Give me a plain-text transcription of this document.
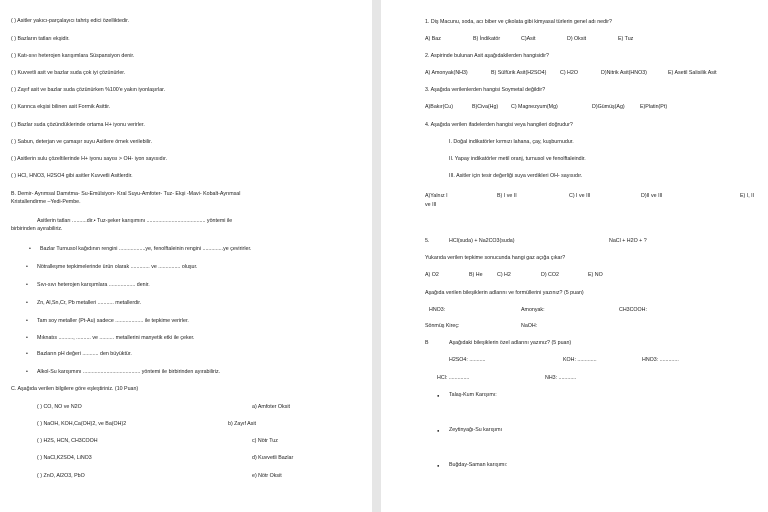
( ) Asitler yakıcı-parçalayıcı tahriş edici özelliktedir.
( ) Bazların tatları ekşidir.
( ) Katı-sıvı heterojen karışımlara Süspansiyon denir.
( ) Kuvvetli asit ve bazlar suda çok iyi çözünürler.
( ) Zayıf asit ve bazlar suda çözünürken %100'e yakın iyonlaşırlar.
( ) Karınca ekşisi bilinen asit Formik Asittir.
( ) Bazlar suda çözündüklerinde ortama H+ iyonu verirler.
( ) Sabun, deterjan ve çamaşır suyu Asitlere örnek verilebilir.
( ) Asitlerin sulu çözeltilerinde H+ iyonu sayısı > OH- iyon sayısıdır.
( ) HCl, HNO3, H2SO4 gibi asitler Kuvvetli Asitlerdir.
B. Demir- Ayrımsal Damıtma- Su-Emülsiyon- Kral Suyu-Amfoter- Tuz- Ekşi -Mavi- Kobalt-Ayrımsal
Kristallendirme –Yedi-Pembe.
Asitlerin tatları ..........dir.• Tuz-şeker karışımını ........................................ yöntemi ile
birbirinden ayırabiliriz.
• Bazlar Turnusol kağıdının rengini ..................ye, fenolftaleinin rengini ..............ye çevirirler.
• Nötralleşme tepkimelerinde ürün olarak ............. ve ............... oluşur.
• Sıvı-sıvı heterojen karışımlara .................. denir.
• Zn, Al,Sn,Cr, Pb metalleri ........... metallerdir.
• Tam soy metaller (Pt-Au) sadece ................... ile tepkime verirler.
• Mıknatıs .........., .......... ve .......... metallerini manyetik etki ile çeker.
• Bazların pH değeri ........... den büyüktür.
• Alkol-Su karışımını ....................................... yöntemi ile birbirinden ayırabiliriz.
C. Aşağıda verilen bilgilere göre eşleştiriniz. (10 Puan)
( ) CO, NO ve N2O	a) Amfoter Oksit
( ) NaOH, KOH,Ca(OH)2, ve Ba(OH)2	b) Zayıf Asit
( ) H2S, HCN, CH3COOH	c) Nötr Tuz
( ) NaCl,K2SO4, LiNO3	d) Kuvvetli Bazlar
( ) ZnO, Al2O3, PbO	e) Nötr Oksit
1. Diş Macunu, soda, acı biber ve çikolata gibi kimyasal türlerin genel adı nedir?
A) Baz	B) İndikatör	C)Asit	D) Oksit	E) Tuz
2. Aspirinde bulunan Asit aşağıdakilerden hangisidir?
A) Amonyak(NH3)	B) Sülfürik Asit(H2SO4)	C) H2O	D)Nitrik Asit(HNO3)	E) Asetil Salisilik Asit
3. Aşağıda verilenlerden hangisi Soymetal değildir?
A)Bakır(Cu)	B)Civa(Hg) C) Magnezyum(Mg)	D)Gümüş(Ag)	E)Platin(Pt)
4. Aşağıda verilen ifadelerden hangisi veya hangileri doğrudur?
I. Doğal indikatörler kırmızı lahana, çay, kuşburnudur.
II. Yapay indikatörler metil oranj, turnusol ve fenolftaleindir.
III. Asitler için tesir değerliği suya verdikleri OH- sayısıdır.
A)Yalnız I	B) I ve II	C) I ve III	D)II ve III	E) I, II
ve III
5.	HCl(suda) + Na2CO3(suda)	NaCl + H2O + ?
Yukarıda verilen tepkime sonucunda hangi gaz açığa çıkar?
A) O2	B) He	C) H2	D) CO2	E) NO
Aşağıda verilen bileşiklerin adlarını ve formüllerini yazınız? (5 puan)
HNO3:	Amonyak:	CH3COOH:
Sönmüş Kireç:	NaOH:
B	Aşağıdaki bileşiklerin özel adlarını yazınız? (5 puan)
H2SO4: ...........	KOH: .............	HNO3: .............
HCl: ..............	NH3: ............
● Talaş-Kum Karışımı:
● Zeytinyağı-Su karışımı
● Buğday-Saman karışımı:
